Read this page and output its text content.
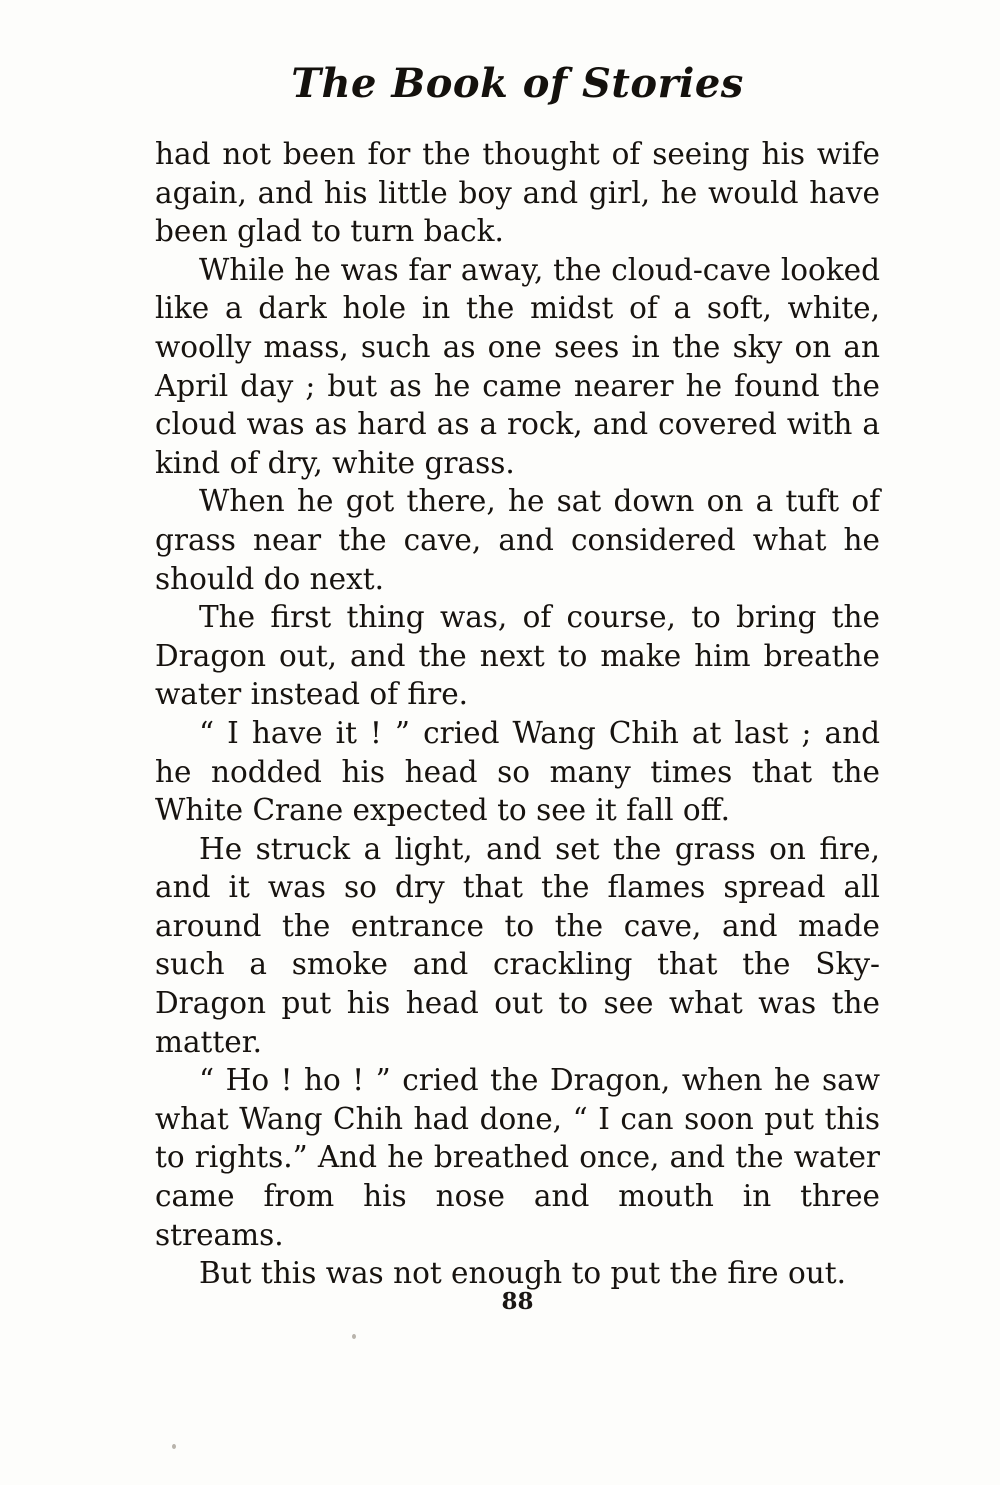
The Book of Stories

had not been for the thought of seeing his wife again, and his little boy and girl, he would have been glad to turn back.

While he was far away, the cloud-cave looked like a dark hole in the midst of a soft, white, woolly mass, such as one sees in the sky on an April day ; but as he came nearer he found the cloud was as hard as a rock, and covered with a kind of dry, white grass.

When he got there, he sat down on a tuft of grass near the cave, and considered what he should do next.

The first thing was, of course, to bring the Dragon out, and the next to make him breathe water instead of fire.

“ I have it ! ” cried Wang Chih at last ; and he nodded his head so many times that the White Crane expected to see it fall off.

He struck a light, and set the grass on fire, and it was so dry that the flames spread all around the entrance to the cave, and made such a smoke and crackling that the Sky-Dragon put his head out to see what was the matter.

“ Ho ! ho ! ” cried the Dragon, when he saw what Wang Chih had done, “ I can soon put this to rights.” And he breathed once, and the water came from his nose and mouth in three streams.

But this was not enough to put the fire out.

88
